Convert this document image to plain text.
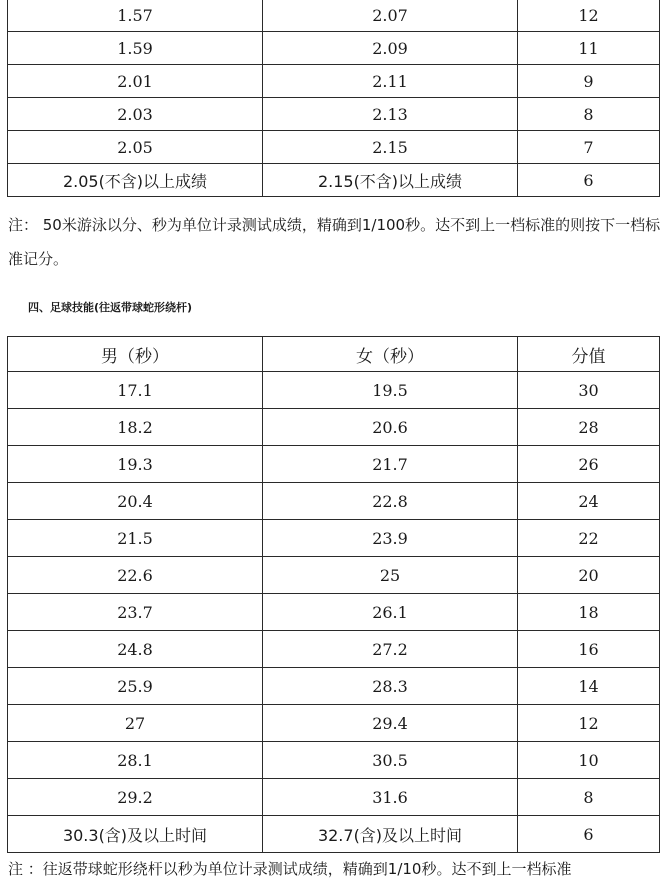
1.57	2.07	12
1.59	2.09	11
2.01	2.11	9
2.03	2.13	8
2.05	2.15	7
2.05(不含)以上成绩	2.15(不含)以上成绩	6

注： 50米游泳以分、秒为单位计录测试成绩，精确到1/100秒。达不到上一档标准的则按下一档标准记分。

四、足球技能(往返带球蛇形绕杆)

男（秒）	女（秒）	分值
17.1	19.5	30
18.2	20.6	28
19.3	21.7	26
20.4	22.8	24
21.5	23.9	22
22.6	25	20
23.7	26.1	18
24.8	27.2	16
25.9	28.3	14
27	29.4	12
28.1	30.5	10
29.2	31.6	8
30.3(含)及以上时间	32.7(含)及以上时间	6

注 ：往返带球蛇形绕杆以秒为单位计录测试成绩，精确到1/10秒。达不到上一档标准
